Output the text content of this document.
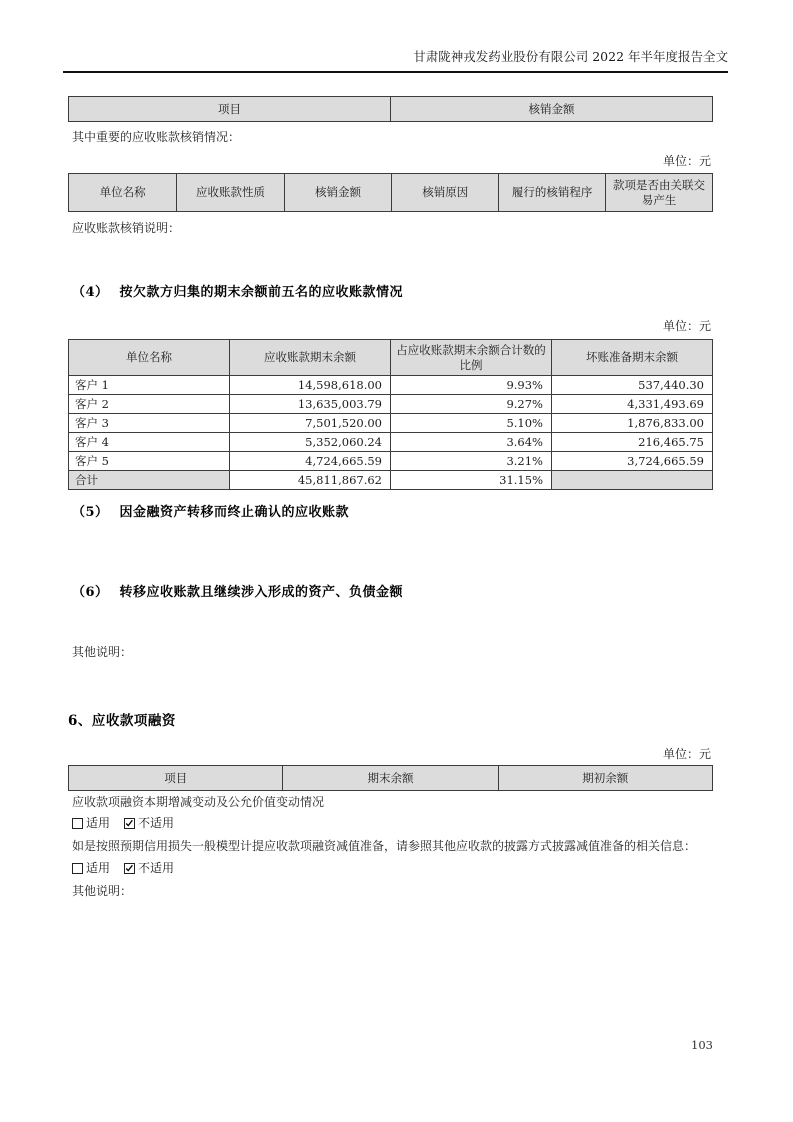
甘肃陇神戎发药业股份有限公司 2022 年半年度报告全文
项目	核销金额
其中重要的应收账款核销情况：
单位：元
单位名称	应收账款性质	核销金额	核销原因	履行的核销程序	款项是否由关联交易产生
应收账款核销说明：
（4） 按欠款方归集的期末余额前五名的应收账款情况
单位：元
单位名称	应收账款期末余额	占应收账款期末余额合计数的比例	坏账准备期末余额
客户 1	14,598,618.00	9.93%	537,440.30
客户 2	13,635,003.79	9.27%	4,331,493.69
客户 3	7,501,520.00	5.10%	1,876,833.00
客户 4	5,352,060.24	3.64%	216,465.75
客户 5	4,724,665.59	3.21%	3,724,665.59
合计	45,811,867.62	31.15%	
（5） 因金融资产转移而终止确认的应收账款
（6） 转移应收账款且继续涉入形成的资产、负债金额
其他说明：
6、应收款项融资
单位：元
项目	期末余额	期初余额
应收款项融资本期增减变动及公允价值变动情况
适用 不适用
如是按照预期信用损失一般模型计提应收款项融资减值准备，请参照其他应收款的披露方式披露减值准备的相关信息：
适用 不适用
其他说明：
103
